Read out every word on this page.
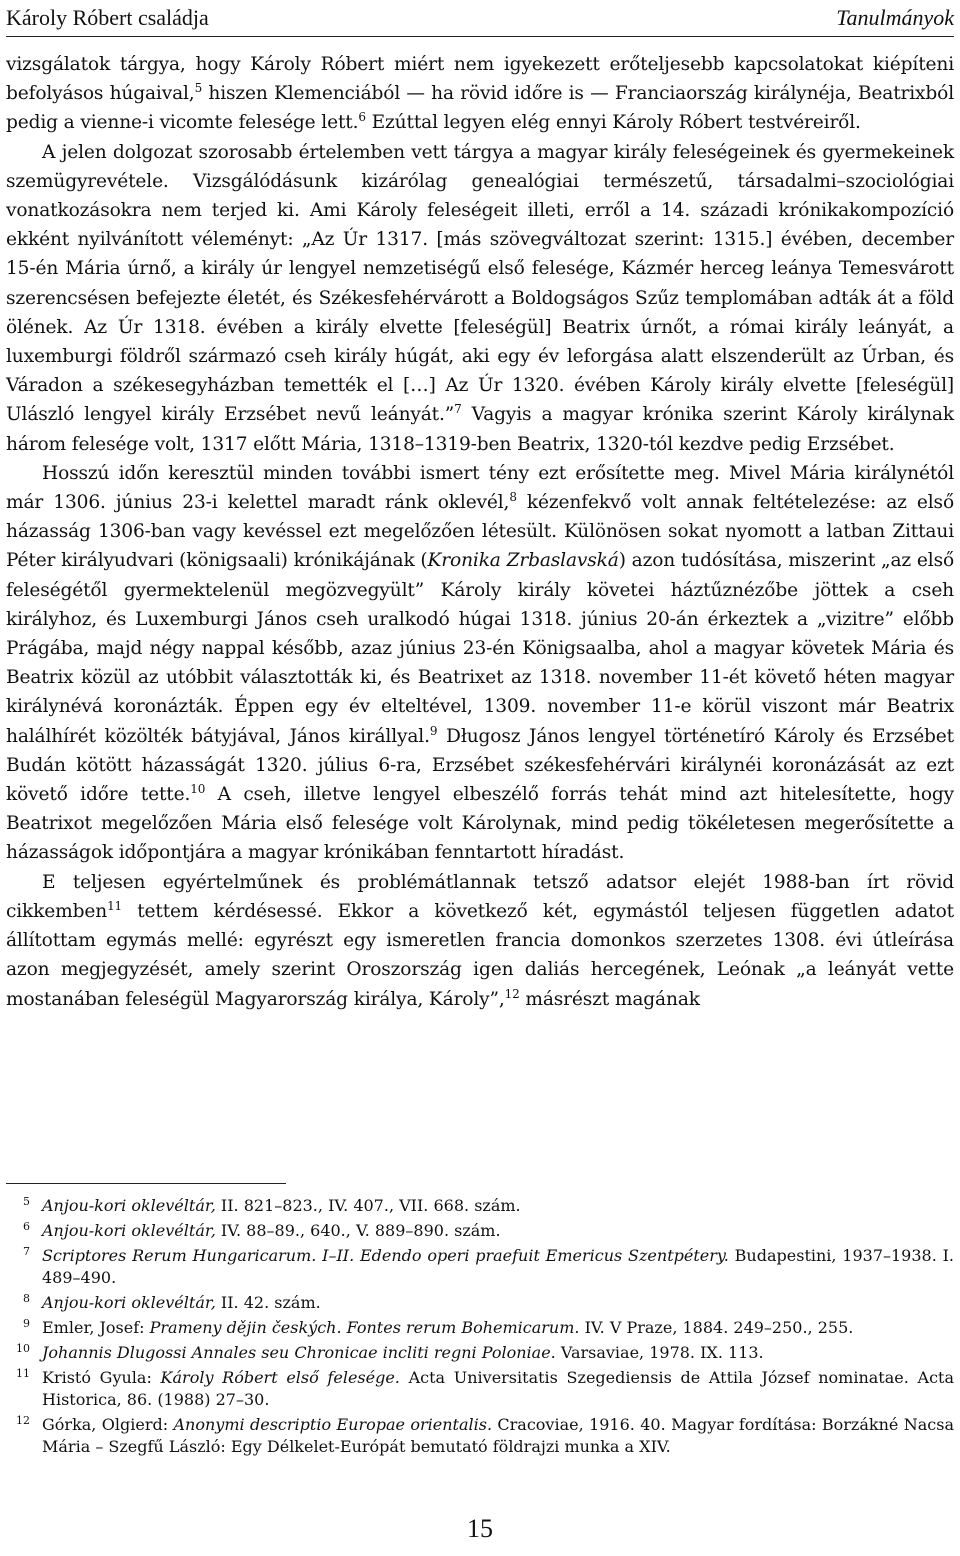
Károly Róbert családja	Tanulmányok

vizsgálatok tárgya, hogy Károly Róbert miért nem igyekezett erőteljesebb kapcsolatokat kiépíteni befolyásos húgaival,$^5$ hiszen Klemenciából — ha rövid időre is — Franciaország királynéja, Beatrixból pedig a vienne-i vicomte felesége lett.$^6$ Ezúttal legyen elég ennyi Károly Róbert testvéreiről.

A jelen dolgozat szorosabb értelemben vett tárgya a magyar király feleségeinek és gyermekeinek szemügyrevétele. Vizsgálódásunk kizárólag genealógiai természetű, társadalmi–szociológiai vonatkozásokra nem terjed ki. Ami Károly feleségeit illeti, erről a 14. századi krónikakompozíció ekként nyilvánított véleményt: „Az Úr 1317. [más szövegváltozat szerint: 1315.] évében, december 15-én Mária úrnő, a király úr lengyel nemzetiségű első felesége, Kázmér herceg leánya Temesvárott szerencsésen befejezte életét, és Székesfehérvárott a Boldogságos Szűz templomában adták át a föld ölének. Az Úr 1318. évében a király elvette [feleségül] Beatrix úrnőt, a római király leányát, a luxemburgi földről származó cseh király húgát, aki egy év leforgása alatt elszenderült az Úrban, és Váradon a székesegyházban temették el […] Az Úr 1320. évében Károly király elvette [feleségül] Ulászló lengyel király Erzsébet nevű leányát.”$^7$ Vagyis a magyar krónika szerint Károly királynak három felesége volt, 1317 előtt Mária, 1318–1319-ben Beatrix, 1320-tól kezdve pedig Erzsébet.

Hosszú időn keresztül minden további ismert tény ezt erősítette meg. Mivel Mária királynétól már 1306. június 23-i kelettel maradt ránk oklevél,$^8$ kézenfekvő volt annak feltételezése: az első házasság 1306-ban vagy kevéssel ezt megelőzően létesült. Különösen sokat nyomott a latban Zittaui Péter királyudvari (königsaali) krónikájának (Kronika Zrbaslavská) azon tudósítása, miszerint „az első feleségétől gyermektelenül megözvegyült” Károly király követei háztűznézőbe jöttek a cseh királyhoz, és Luxemburgi János cseh uralkodó húgai 1318. június 20-án érkeztek a „vizitre” előbb Prágába, majd négy nappal később, azaz június 23-én Königsaalba, ahol a magyar követek Mária és Beatrix közül az utóbbit választották ki, és Beatrixet az 1318. november 11-ét követő héten magyar királynévá koronázták. Éppen egy év elteltével, 1309. november 11-e körül viszont már Beatrix halálhírét közölték bátyjával, János királlyal.$^9$ Długosz János lengyel történetíró Károly és Erzsébet Budán kötött házasságát 1320. július 6-ra, Erzsébet székesfehérvári királynéi koronázását az ezt követő időre tette.$^{10}$ A cseh, illetve lengyel elbeszélő forrás tehát mind azt hitelesítette, hogy Beatrixot megelőzően Mária első felesége volt Károlynak, mind pedig tökéletesen megerősítette a házasságok időpontjára a magyar krónikában fenntartott híradást.

E teljesen egyértelműnek és problémátlannak tetsző adatsor elejét 1988-ban írt rövid cikkemben$^{11}$ tettem kérdésessé. Ekkor a következő két, egymástól teljesen független adatot állítottam egymás mellé: egyrészt egy ismeretlen francia domonkos szerzetes 1308. évi útleírása azon megjegyzését, amely szerint Oroszország igen daliás hercegének, Leónak „a leányát vette mostanában feleségül Magyarország királya, Károly”,$^{12}$ másrészt magának

5 Anjou-kori oklevéltár, II. 821–823., IV. 407., VII. 668. szám.
6 Anjou-kori oklevéltár, IV. 88–89., 640., V. 889–890. szám.
7 Scriptores Rerum Hungaricarum. I–II. Edendo operi praefuit Emericus Szentpétery. Budapestini, 1937–1938. I. 489–490.
8 Anjou-kori oklevéltár, II. 42. szám.
9 Emler, Josef: Prameny dějin českých. Fontes rerum Bohemicarum. IV. V Praze, 1884. 249–250., 255.
10 Johannis Dlugossi Annales seu Chronicae incliti regni Poloniae. Varsaviae, 1978. IX. 113.
11 Kristó Gyula: Károly Róbert első felesége. Acta Universitatis Szegediensis de Attila József nominatae. Acta Historica, 86. (1988) 27–30.
12 Górka, Olgierd: Anonymi descriptio Europae orientalis. Cracoviae, 1916. 40. Magyar fordítása: Borzákné Nacsa Mária – Szegfű László: Egy Délkelet-Európát bemutató földrajzi munka a XIV.
15
